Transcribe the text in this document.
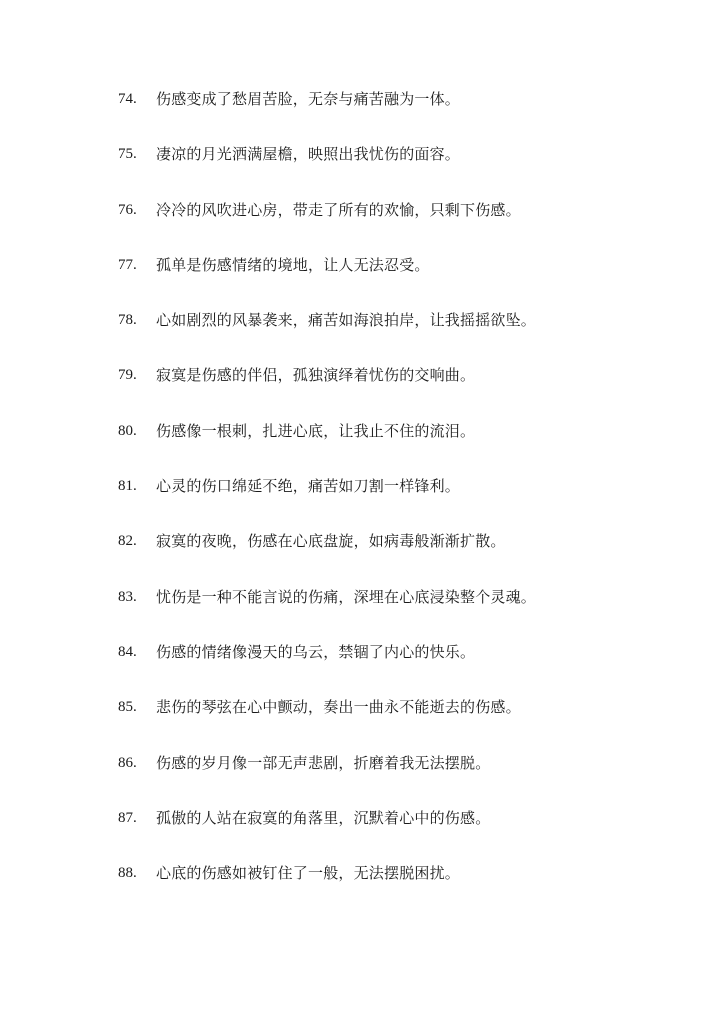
74.	伤感变成了愁眉苦脸，无奈与痛苦融为一体。
75.	凄凉的月光洒满屋檐，映照出我忧伤的面容。
76.	冷冷的风吹进心房，带走了所有的欢愉，只剩下伤感。
77.	孤单是伤感情绪的境地，让人无法忍受。
78.	心如剧烈的风暴袭来，痛苦如海浪拍岸，让我摇摇欲坠。
79.	寂寞是伤感的伴侣，孤独演绎着忧伤的交响曲。
80.	伤感像一根刺，扎进心底，让我止不住的流泪。
81.	心灵的伤口绵延不绝，痛苦如刀割一样锋利。
82.	寂寞的夜晚，伤感在心底盘旋，如病毒般渐渐扩散。
83.	忧伤是一种不能言说的伤痛，深埋在心底浸染整个灵魂。
84.	伤感的情绪像漫天的乌云，禁锢了内心的快乐。
85.	悲伤的琴弦在心中颤动，奏出一曲永不能逝去的伤感。
86.	伤感的岁月像一部无声悲剧，折磨着我无法摆脱。
87.	孤傲的人站在寂寞的角落里，沉默着心中的伤感。
88.	心底的伤感如被钉住了一般，无法摆脱困扰。
